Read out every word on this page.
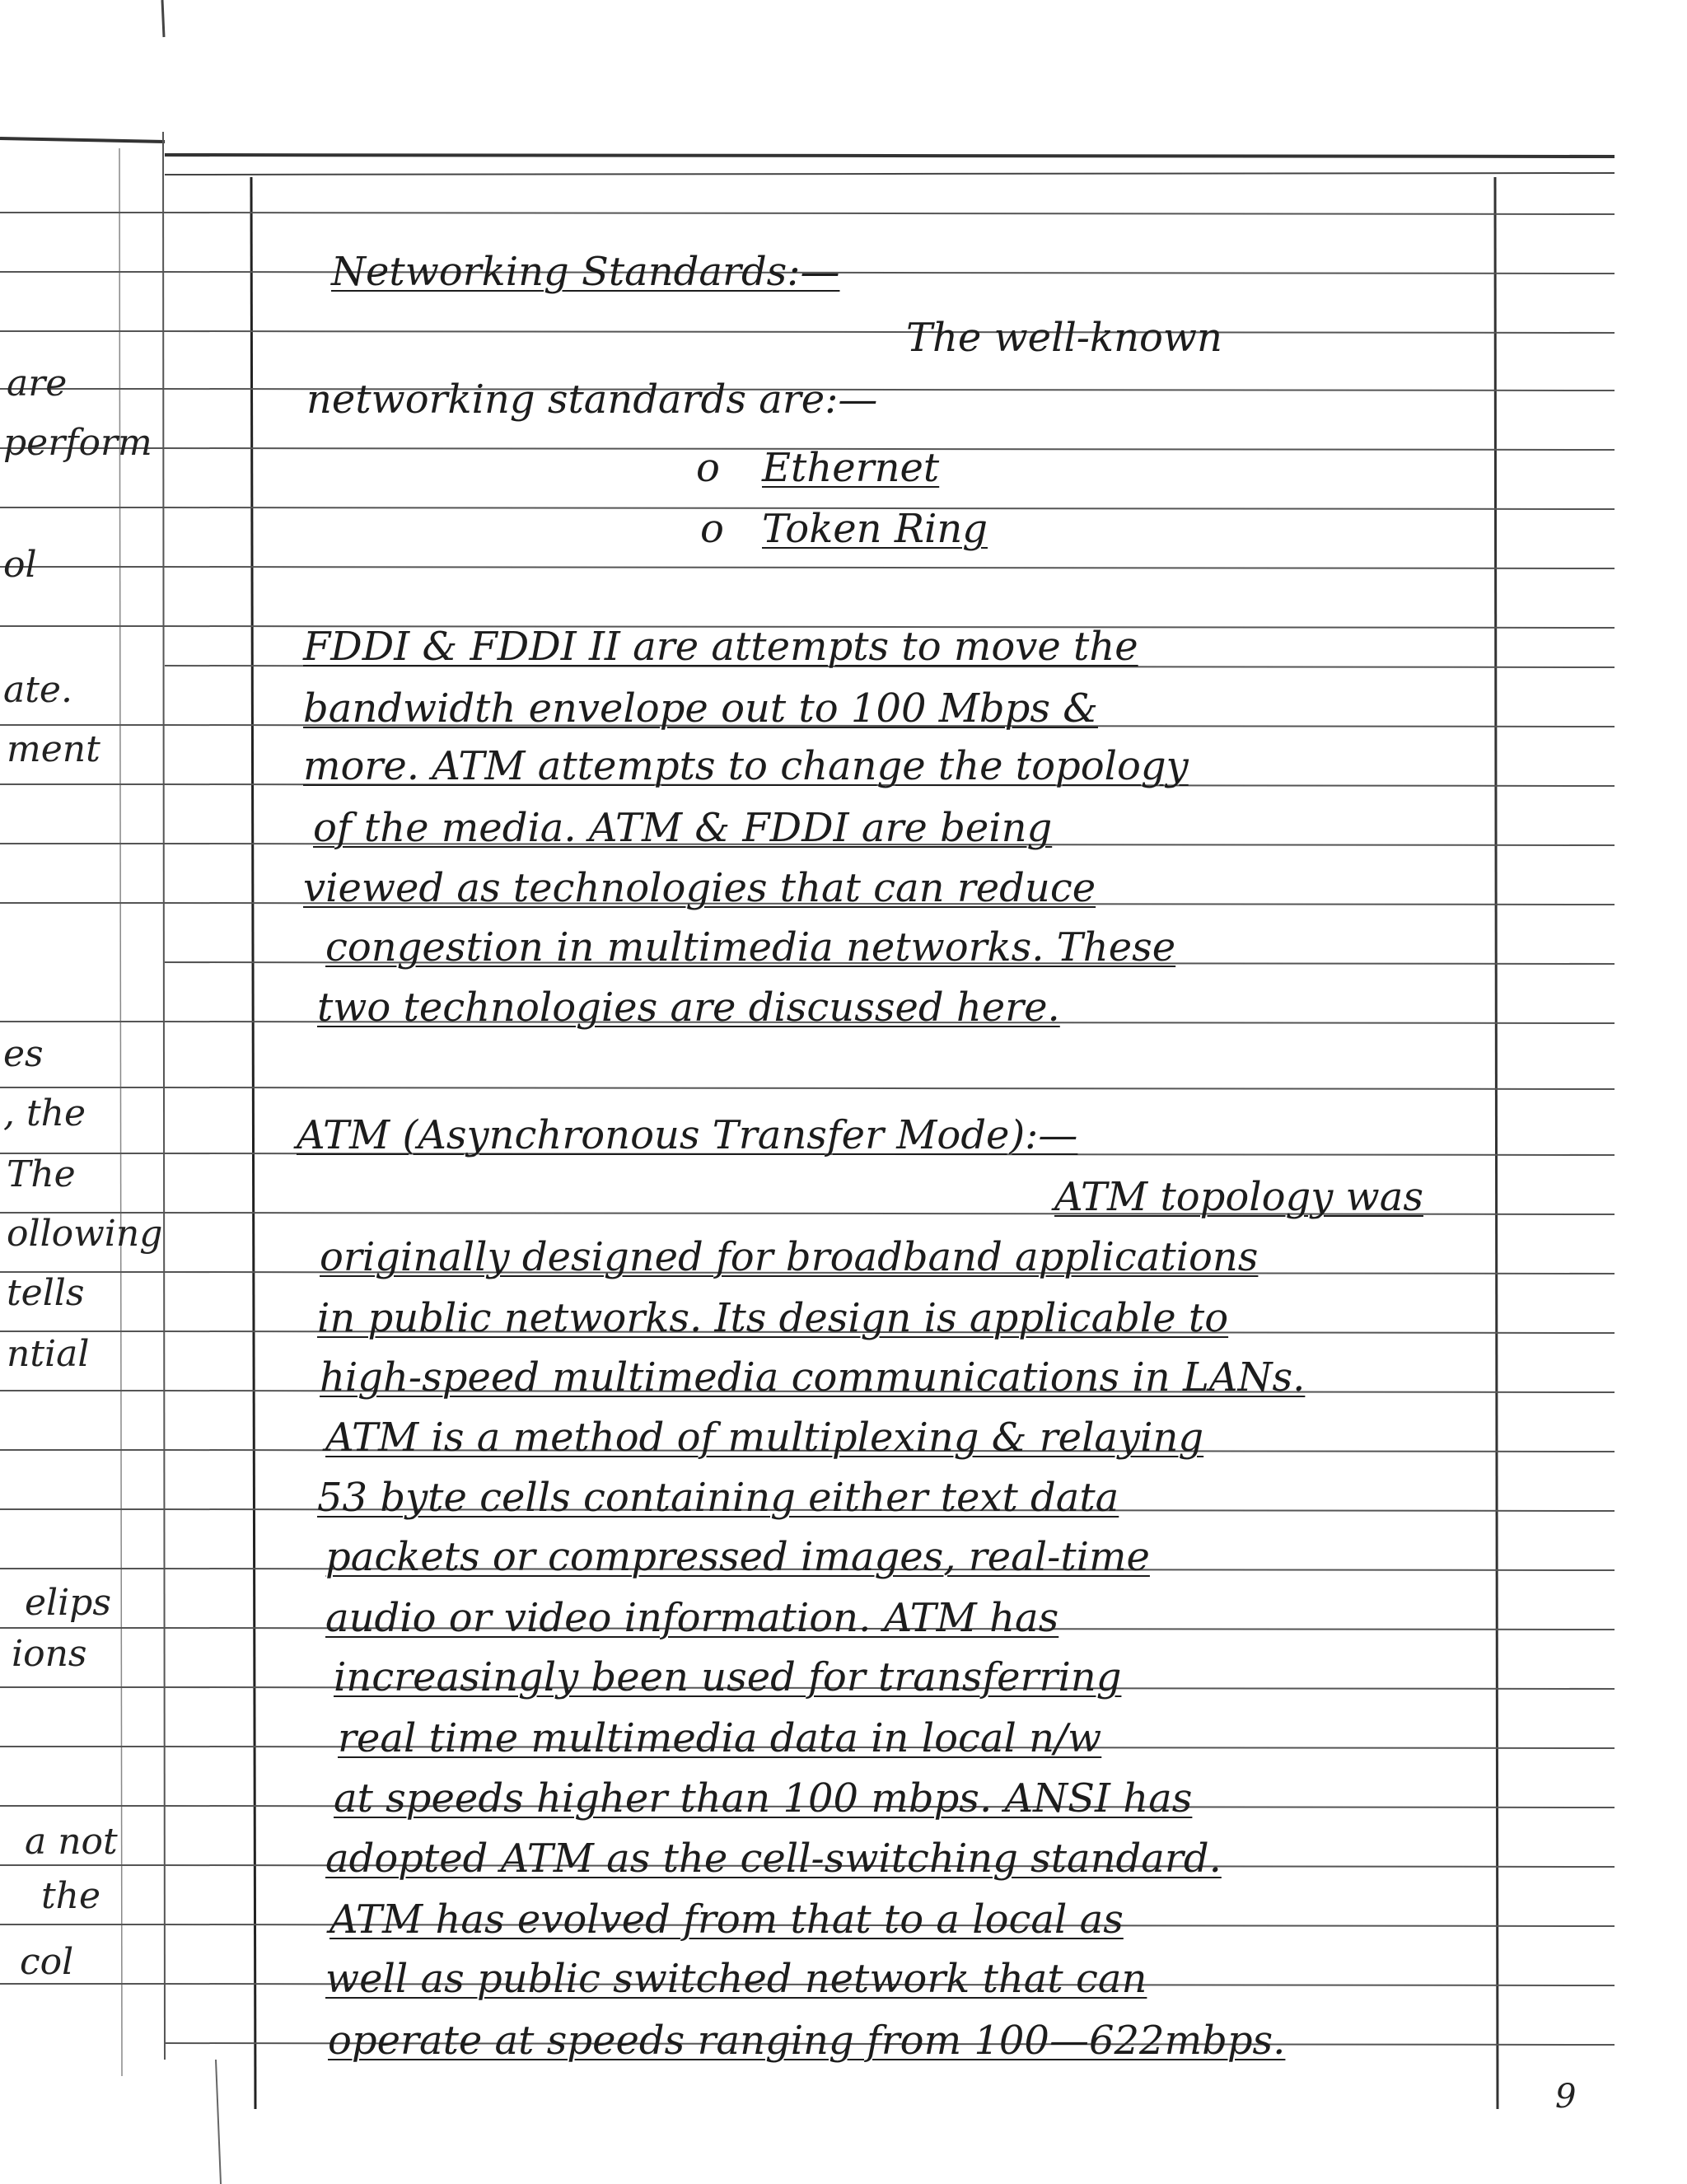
are
perform
ol
ate.
ment
es
, the
The
ollowing
tells
ntial
elips
ions
a not
the
col

Networking Standards:—

The well-known

networking standards are:—

o Ethernet

o Token Ring

FDDI & FDDI II are attempts to move the

bandwidth envelope out to 100 Mbps &

more. ATM attempts to change the topology

of the media. ATM & FDDI are being

viewed as technologies that can reduce

congestion in multimedia networks. These

two technologies are discussed here.

ATM (Asynchronous Transfer Mode):—

ATM topology was

originally designed for broadband applications

in public networks. Its design is applicable to

high-speed multimedia communications in LANs.

ATM is a method of multiplexing & relaying

53 byte cells containing either text data

packets or compressed images, real-time

audio or video information. ATM has

increasingly been used for transferring

real time multimedia data in local n/w

at speeds higher than 100 mbps. ANSI has

adopted ATM as the cell-switching standard.

ATM has evolved from that to a local as

well as public switched network that can

operate at speeds ranging from 100—622mbps.

9
